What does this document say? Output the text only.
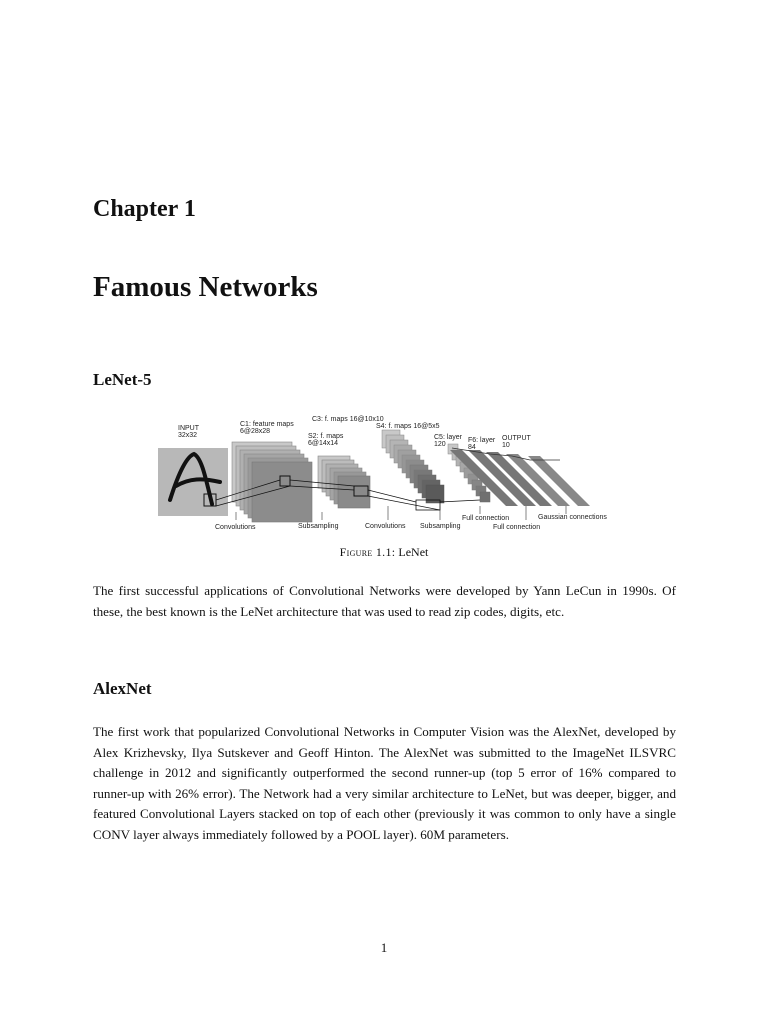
Chapter 1
Famous Networks
LeNet-5
INPUT
32x32
C1: feature maps
6@28x28
C3: f. maps 16@10x10
S2: f. maps
6@14x14
S4: f. maps 16@5x5
C5: layer
120
F6: layer
84
OUTPUT
10
Convolutions	Subsampling	Convolutions Subsampling
Full connection
Full connection
Gaussian connections
Figure 1.1: LeNet

The first successful applications of Convolutional Networks were developed by Yann LeCun in 1990s. Of these, the best known is the LeNet architecture that was used to read zip codes, digits, etc.

AlexNet

The first work that popularized Convolutional Networks in Computer Vision was the AlexNet, developed by Alex Krizhevsky, Ilya Sutskever and Geoff Hinton. The AlexNet was submitted to the ImageNet ILSVRC challenge in 2012 and significantly outperformed the second runner-up (top 5 error of 16% compared to runner-up with 26% error). The Network had a very similar architecture to LeNet, but was deeper, bigger, and featured Convolutional Layers stacked on top of each other (previously it was common to only have a single CONV layer always immediately followed by a POOL layer). 60M parameters.

1
